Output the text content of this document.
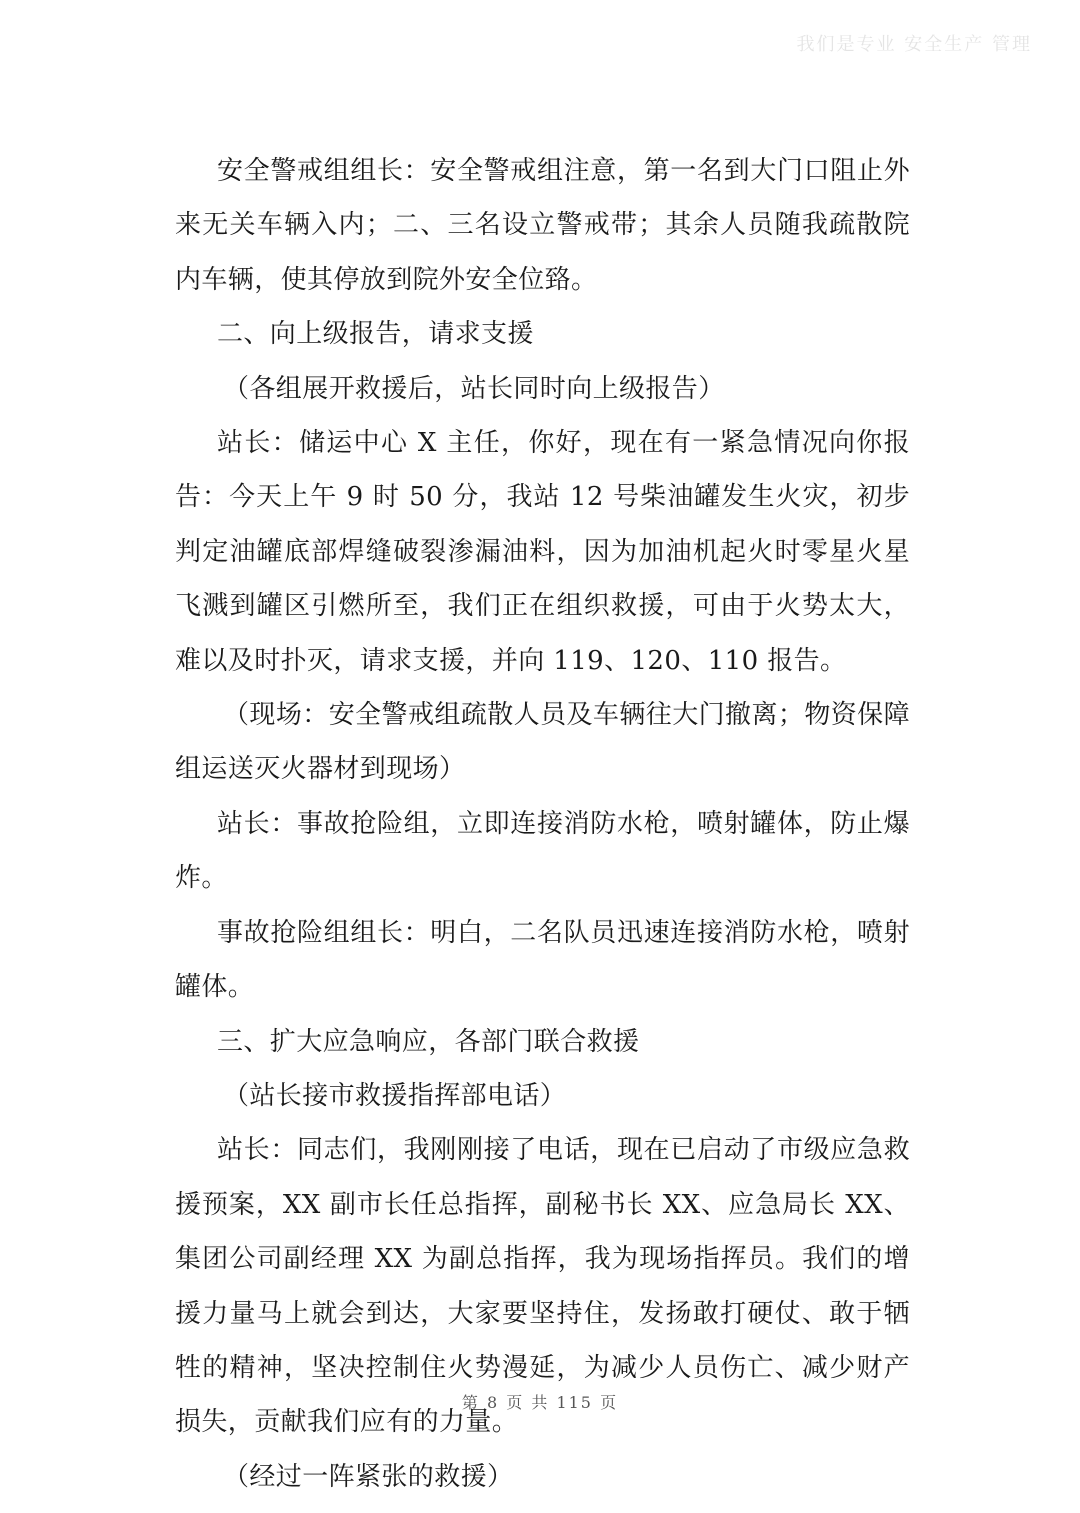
我们是专业 安全生产 管理

安全警戒组组长：安全警戒组注意，第一名到大门口阻止外来无关车辆入内；二、三名设立警戒带；其余人员随我疏散院内车辆，使其停放到院外安全位臵。

二、向上级报告，请求支援

（各组展开救援后，站长同时向上级报告）

站长：储运中心 X 主任，你好，现在有一紧急情况向你报告：今天上午 9 时 50 分，我站 12 号柴油罐发生火灾，初步判定油罐底部焊缝破裂渗漏油料，因为加油机起火时零星火星飞溅到罐区引燃所至，我们正在组织救援，可由于火势太大，难以及时扑灭，请求支援，并向 119、120、110 报告。

（现场：安全警戒组疏散人员及车辆往大门撤离；物资保障组运送灭火器材到现场）

站长：事故抢险组，立即连接消防水枪，喷射罐体，防止爆炸。

事故抢险组组长：明白，二名队员迅速连接消防水枪，喷射罐体。

三、扩大应急响应，各部门联合救援

（站长接市救援指挥部电话）

站长：同志们，我刚刚接了电话，现在已启动了市级应急救援预案，XX 副市长任总指挥，副秘书长 XX、应急局长 XX、集团公司副经理 XX 为副总指挥，我为现场指挥员。我们的增援力量马上就会到达，大家要坚持住，发扬敢打硬仗、敢于牺牲的精神，坚决控制住火势漫延，为减少人员伤亡、减少财产损失，贡献我们应有的力量。

（经过一阵紧张的救援）

第 8 页 共 115 页
